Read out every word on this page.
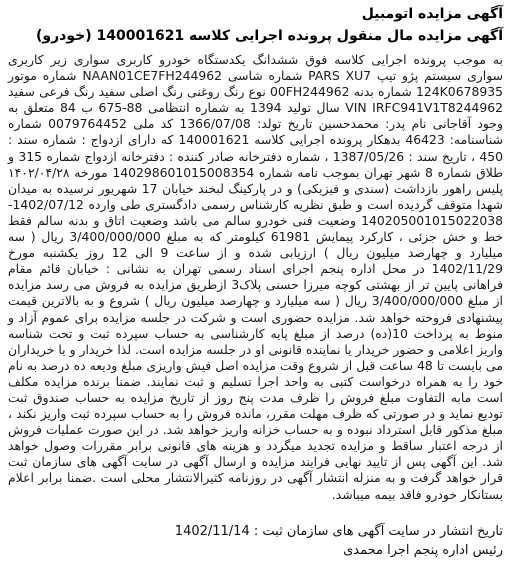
آگهی مزایده اتومبیل
آگهی مزایده مال منقول پرونده اجرایی کلاسه 140001621 (خودرو)

به موجب پرونده اجرایی کلاسه فوق ششدانگ یکدستگاه خودرو کاربری سواری زیر کاربری سواری سیستم پژو تیپ PARS XU7 شماره شاسی NAAN01CE7FH244962 شماره موتور 124K0678935 شماره بدنه 00FH244962 نوع رنگ روغنی رنگ اصلی سفید رنگ فرعی سفید VIN IRFC941V1T8244962 سال تولید 1394 به شماره انتظامی 88-675 ب 84 متعلق به وجود آقاجانی نام پدر: محمدحسین تاریخ تولد: 1366/07/08 کد ملی 0079764452 شماره شناسنامه: 46423 بدهکار پرونده اجرایی کلاسه 140001621 که دارای ازدواج : شماره سند : 450 ، تاریخ سند : 1387/05/26 ، شماره دفترخانه صادر کننده : دفترخانه ازدواج شماره 315 و طلاق شماره 8 شهر تهران بموجب نامه شماره 140298601015008354 مورخه ۱۴۰۲/۰۴/۲۸ پلیس راهور بازداشت (سندی و فیزیکی) و در پارکینگ لبخند خیابان 17 شهریور نرسیده به میدان شهدا متوقف گردیده است و طبق نظریه کارشناس رسمی دادگستری طی وارده 1402/07/12-140205001015022038 وضعیت فنی خودرو سالم می باشد وضعیت اتاق و بدنه سالم فقط خط و خش جزئی ، کارکرد پیمایش 61981 کیلومتر که به مبلغ 3/400/000/000 ریال ( سه میلیارد و چهارصد میلیون ریال ) ارزیابی شده و از ساعت 9 الی 12 روز یکشنبه مورخ 1402/11/29 در محل اداره پنجم اجرای اسناد رسمی تهران به نشانی : خیابان قائم مقام فراهانی پایین تر از بهشتی کوچه میرزا حسنی پلاک3 ازطریق مزایده به فروش می رسد مزایده از مبلغ 3/400/000/000 ریال ( سه میلیارد و چهارصد میلیون ریال ) شروع و به بالاترین قیمت پیشنهادی فروخته خواهد شد. مزایده حضوری است و شرکت در جلسه مزایده برای عموم آزاد و منوط به پرداخت 10(ده) درصد از مبلغ پایه کارشناسی به حساب سپرده ثبت و تحت شناسه واریز اعلامی و حضور خریدار یا نماینده قانونی او در جلسه مزایده است. لذا خریدار و یا خریداران می بایست تا 48 ساعت قبل از شروع وقت مزایده اصل فیش واریزی مبلغ ودیعه ده درصد به نام خود را به همراه درخواست کتبی به واحد اجرا تسلیم و ثبت نمایند. ضمنا برنده مزایده مکلف است مابه التفاوت مبلغ فروش را ظرف مدت پنج روز از تاریخ مزایده به حساب صندوق ثبت تودیع نماید و در صورتی که ظرف مهلت مقرر، مانده فروش را به حساب سپرده ثبت واریز نکند ، مبلغ مذکور قابل استرداد نبوده و به حساب خزانه واریز خواهد شد. در این صورت عملیات فروش از درجه اعتبار ساقط و مزایده تجدید میگردد و هزینه های قانونی برابر مقررات وصول خواهد شد. این آگهی پس از تایید نهایی فرایند مزایده و ارسال آگهی در سایت آگهی های سازمان ثبت قرار خواهد گرفت و به منزله انتشار آگهی در روزنامه کثیرالانتشار محلی است .ضمنا برابر اعلام بستانکار خودرو فاقد بیمه میباشد.

تاریخ انتشار در سایت آگهی های سازمان ثبت : 1402/11/14

رئیس اداره پنجم اجرا محمدی
